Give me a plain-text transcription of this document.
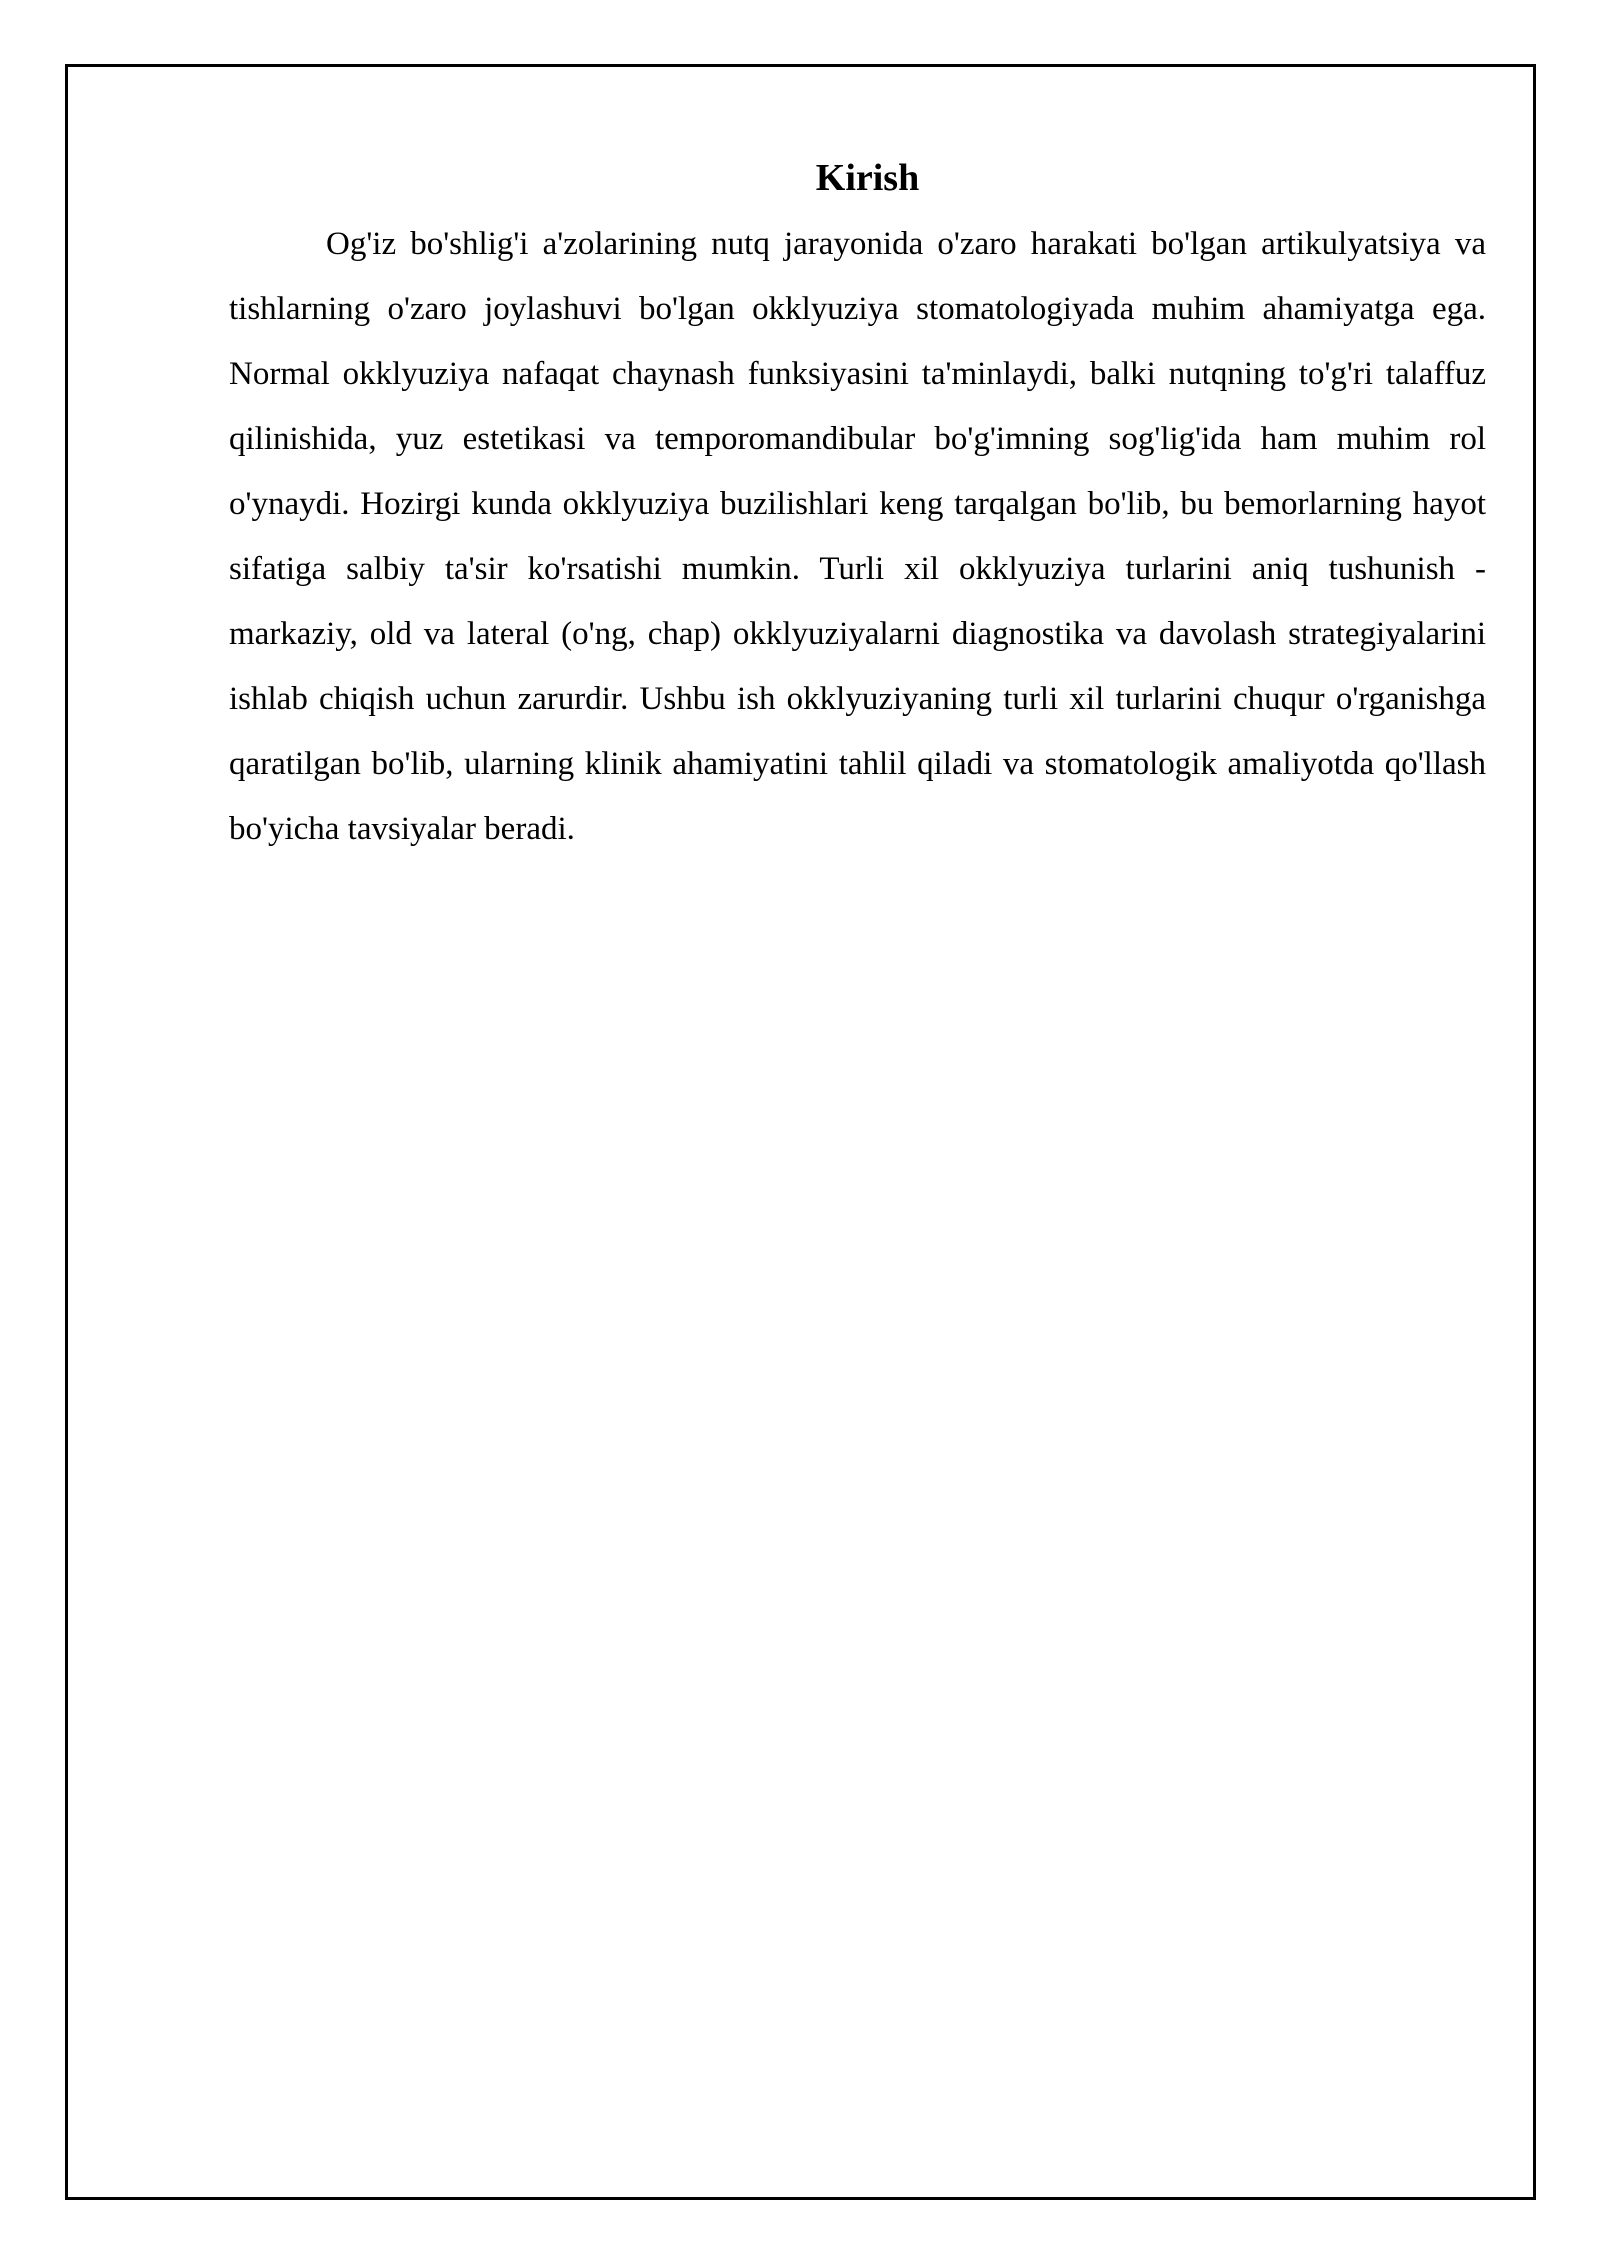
Kirish

Og'iz bo'shlig'i a'zolarining nutq jarayonida o'zaro harakati bo'lgan artikulyatsiya va tishlarning o'zaro joylashuvi bo'lgan okklyuziya stomatologiyada muhim ahamiyatga ega. Normal okklyuziya nafaqat chaynash funksiyasini ta'minlaydi, balki nutqning to'g'ri talaffuz qilinishida, yuz estetikasi va temporomandibular bo'g'imning sog'lig'ida ham muhim rol o'ynaydi. Hozirgi kunda okklyuziya buzilishlari keng tarqalgan bo'lib, bu bemorlarning hayot sifatiga salbiy ta'sir ko'rsatishi mumkin. Turli xil okklyuziya turlarini aniq tushunish - markaziy, old va lateral (o'ng, chap) okklyuziyalarni diagnostika va davolash strategiyalarini ishlab chiqish uchun zarurdir. Ushbu ish okklyuziyaning turli xil turlarini chuqur o'rganishga qaratilgan bo'lib, ularning klinik ahamiyatini tahlil qiladi va stomatologik amaliyotda qo'llash bo'yicha tavsiyalar beradi.
